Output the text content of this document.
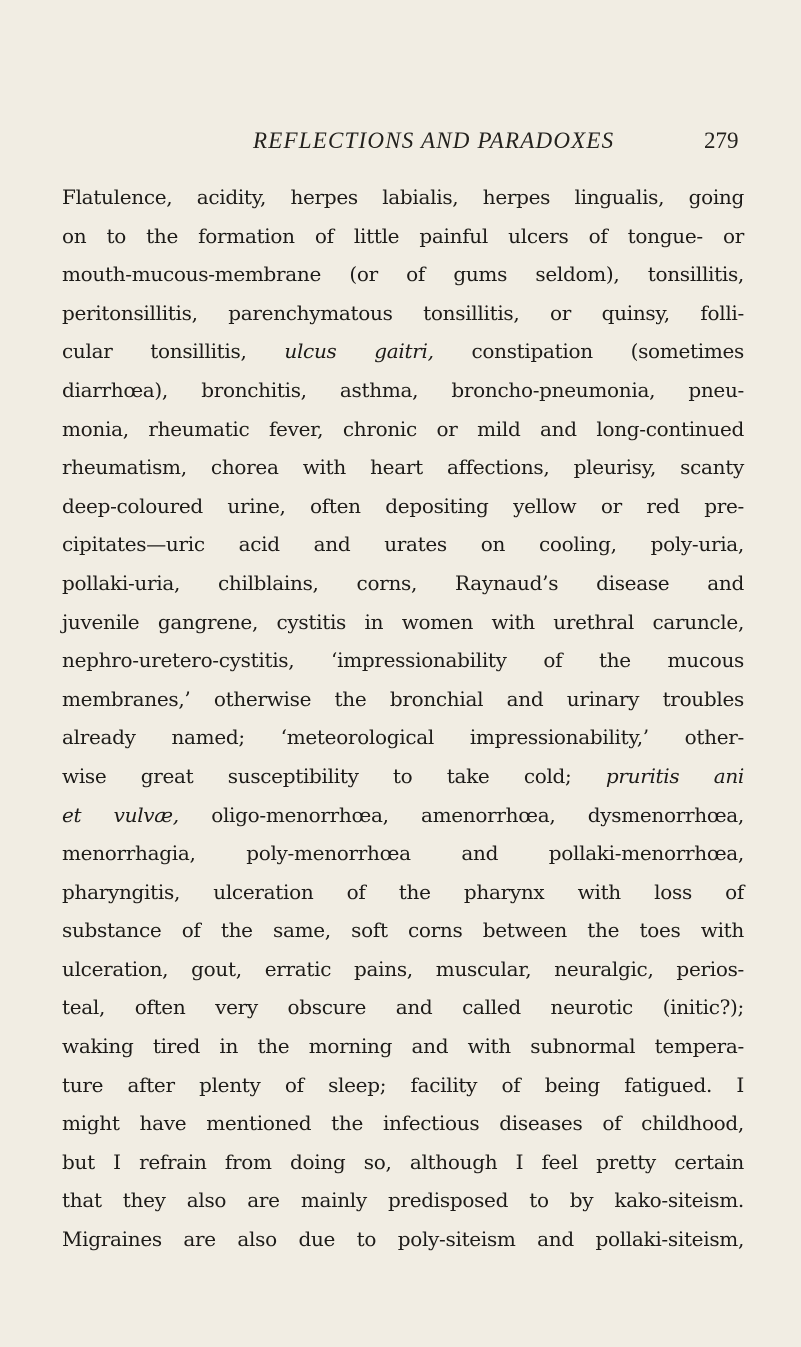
REFLECTIONS AND PARADOXES	279
Flatulence, acidity, herpes labialis, herpes lingualis, going
on to the formation of little painful ulcers of tongue- or
mouth-mucous-membrane (or of gums seldom), tonsillitis,
peritonsillitis, parenchymatous tonsillitis, or quinsy, folli-
cular tonsillitis, ulcus gaitri, constipation (sometimes
diarrhœa), bronchitis, asthma, broncho-pneumonia, pneu-
monia, rheumatic fever, chronic or mild and long-continued
rheumatism, chorea with heart affections, pleurisy, scanty
deep-coloured urine, often depositing yellow or red pre-
cipitates—uric acid and urates on cooling, poly-uria,
pollaki-uria, chilblains, corns, Raynaud’s disease and
juvenile gangrene, cystitis in women with urethral caruncle,
nephro-uretero-cystitis, ‘impressionability of the mucous
membranes,’ otherwise the bronchial and urinary troubles
already named; ‘meteorological impressionability,’ other-
wise great susceptibility to take cold; pruritis ani
et vulvæ, oligo-menorrhœa, amenorrhœa, dysmenorrhœa,
menorrhagia, poly-menorrhœa and pollaki-menorrhœa,
pharyngitis, ulceration of the pharynx with loss of
substance of the same, soft corns between the toes with
ulceration, gout, erratic pains, muscular, neuralgic, perios-
teal, often very obscure and called neurotic (initic?);
waking tired in the morning and with subnormal tempera-
ture after plenty of sleep; facility of being fatigued. I
might have mentioned the infectious diseases of childhood,
but I refrain from doing so, although I feel pretty certain
that they also are mainly predisposed to by kako-siteism.
Migraines are also due to poly-siteism and pollaki-siteism,
